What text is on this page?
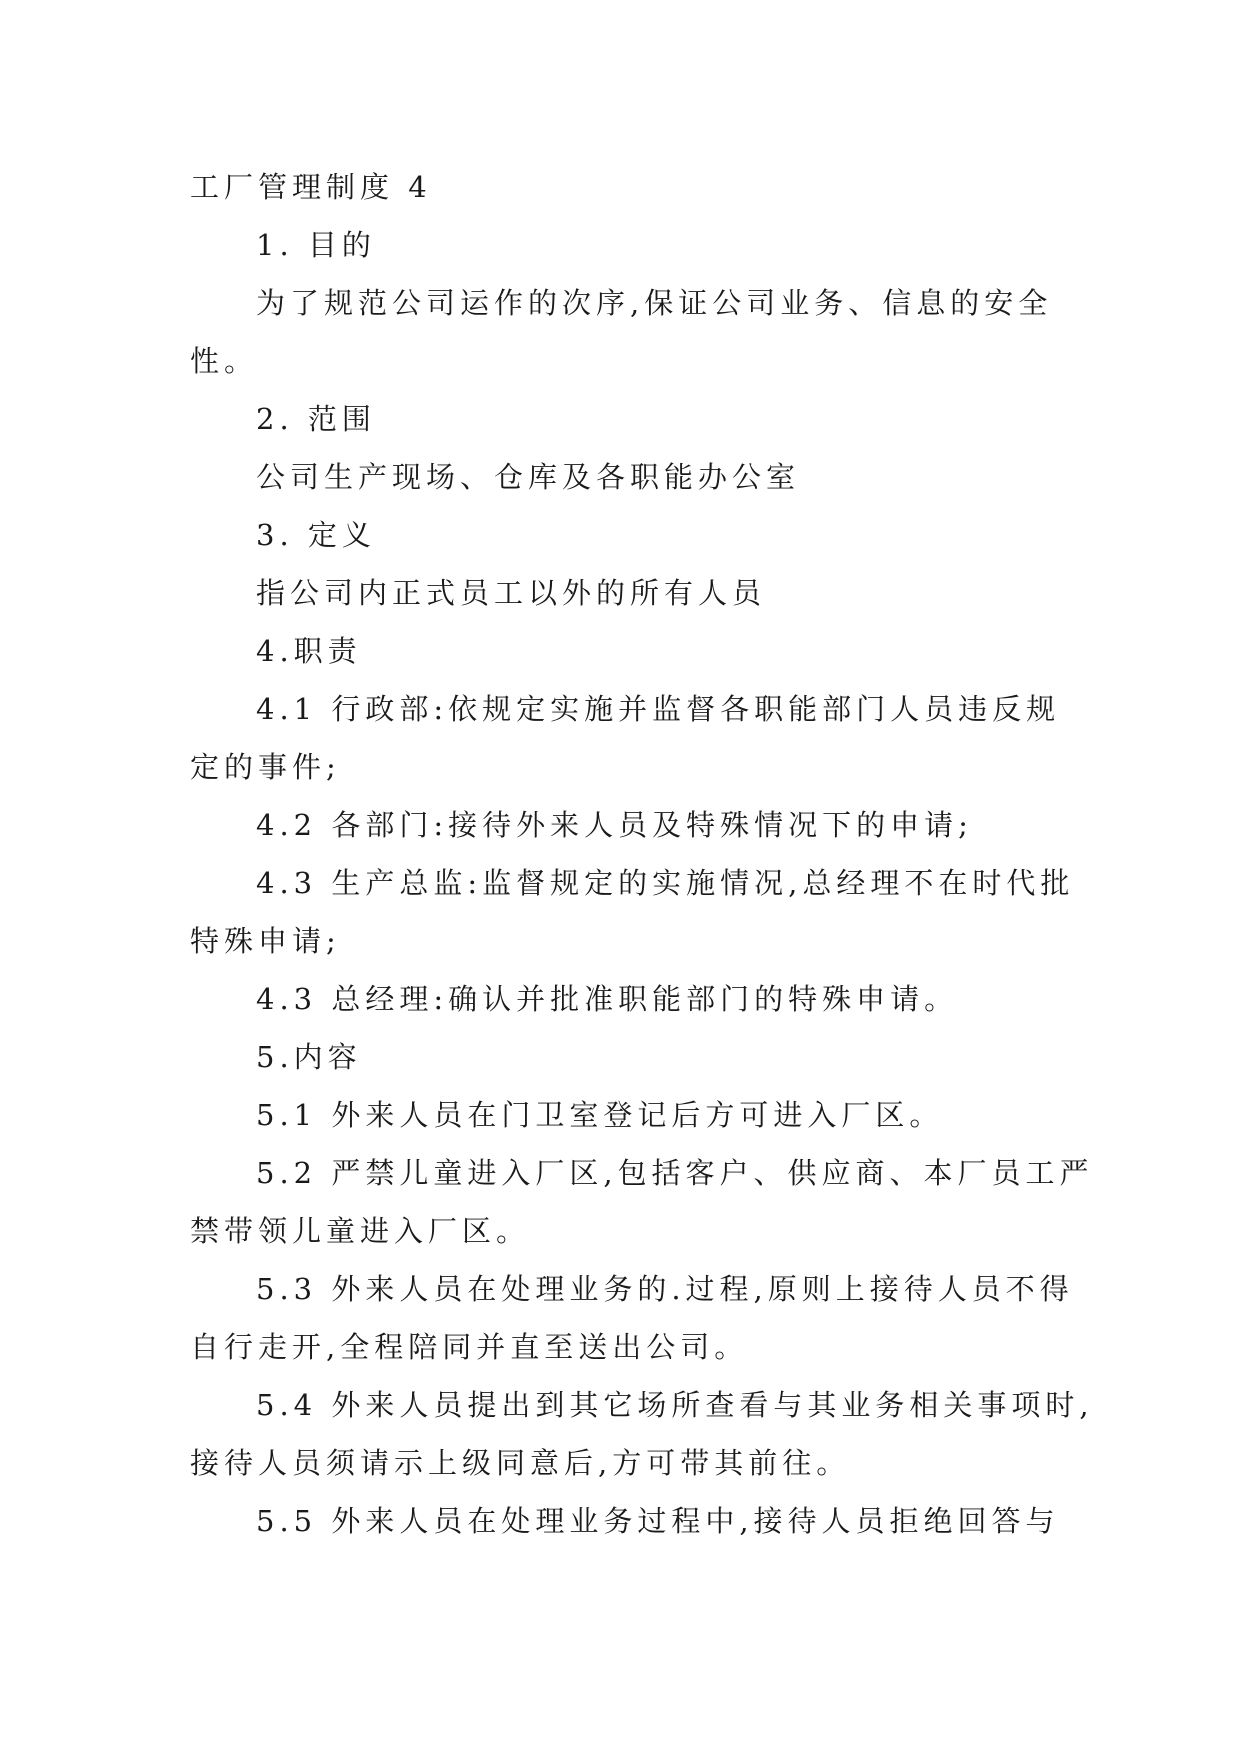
工厂管理制度 4
1. 目的
为了规范公司运作的次序,保证公司业务、信息的安全
性。
2. 范围
公司生产现场、仓库及各职能办公室
3. 定义
指公司内正式员工以外的所有人员
4.职责
4.1 行政部:依规定实施并监督各职能部门人员违反规
定的事件;
4.2 各部门:接待外来人员及特殊情况下的申请;
4.3 生产总监:监督规定的实施情况,总经理不在时代批
特殊申请;
4.3 总经理:确认并批准职能部门的特殊申请。
5.内容
5.1 外来人员在门卫室登记后方可进入厂区。
5.2 严禁儿童进入厂区,包括客户、供应商、本厂员工严
禁带领儿童进入厂区。
5.3 外来人员在处理业务的.过程,原则上接待人员不得
自行走开,全程陪同并直至送出公司。
5.4 外来人员提出到其它场所查看与其业务相关事项时,
接待人员须请示上级同意后,方可带其前往。
5.5 外来人员在处理业务过程中,接待人员拒绝回答与
